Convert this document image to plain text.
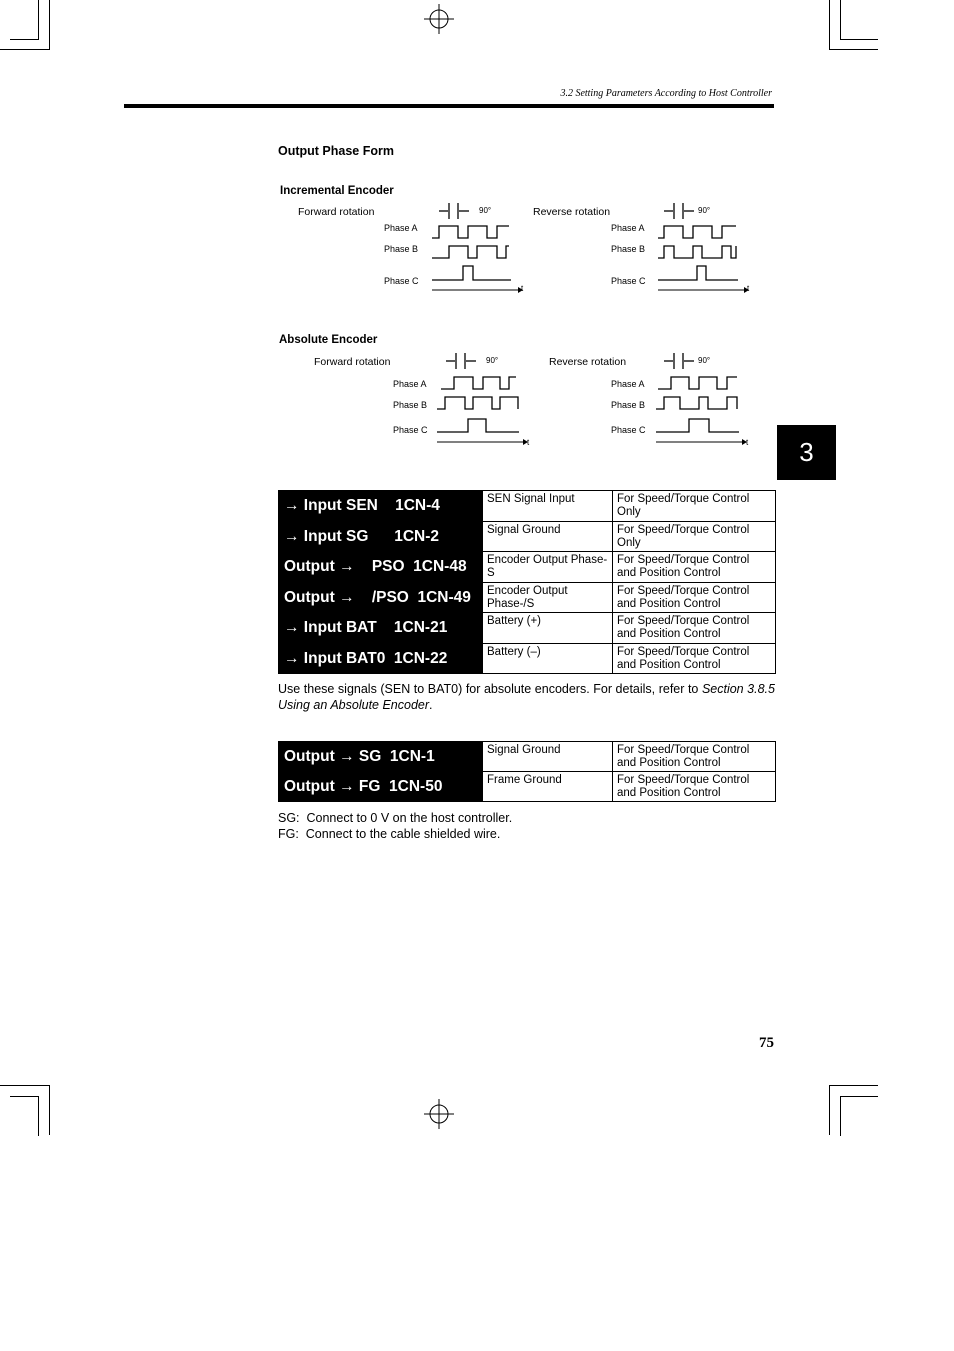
3.2 Setting Parameters According to Host Controller
Output Phase Form
Incremental Encoder
Forward rotation	Reverse rotation
Phase A
Phase B
Phase C
Phase A
Phase B
Phase C
90°
t
90°
t
Absolute Encoder
Forward rotation	Reverse rotation
Phase A
Phase B
Phase C
Phase A
Phase B
Phase C
90°
t
90°
t	3
→ Input SEN    1CN-4	SEN Signal Input	For Speed/Torque Control Only
→ Input SG      1CN-2	Signal Ground	For Speed/Torque Control Only
Output →    PSO  1CN-48	Encoder Output Phase-S	For Speed/Torque Control and Position Control
Output →    /PSO  1CN-49	Encoder Output Phase-/S	For Speed/Torque Control and Position Control
→ Input BAT    1CN-21	Battery (+)	For Speed/Torque Control and Position Control
→ Input BAT0  1CN-22	Battery (–)	For Speed/Torque Control and Position Control
Use these signals (SEN to BAT0) for absolute encoders. For details, refer to Section 3.8.5 Using an Absolute Encoder.
Output → SG  1CN-1	Signal Ground	For Speed/Torque Control and Position Control
Output → FG  1CN-50	Frame Ground	For Speed/Torque Control and Position Control
SG:  Connect to 0 V on the host controller.
FG:  Connect to the cable shielded wire.
75
